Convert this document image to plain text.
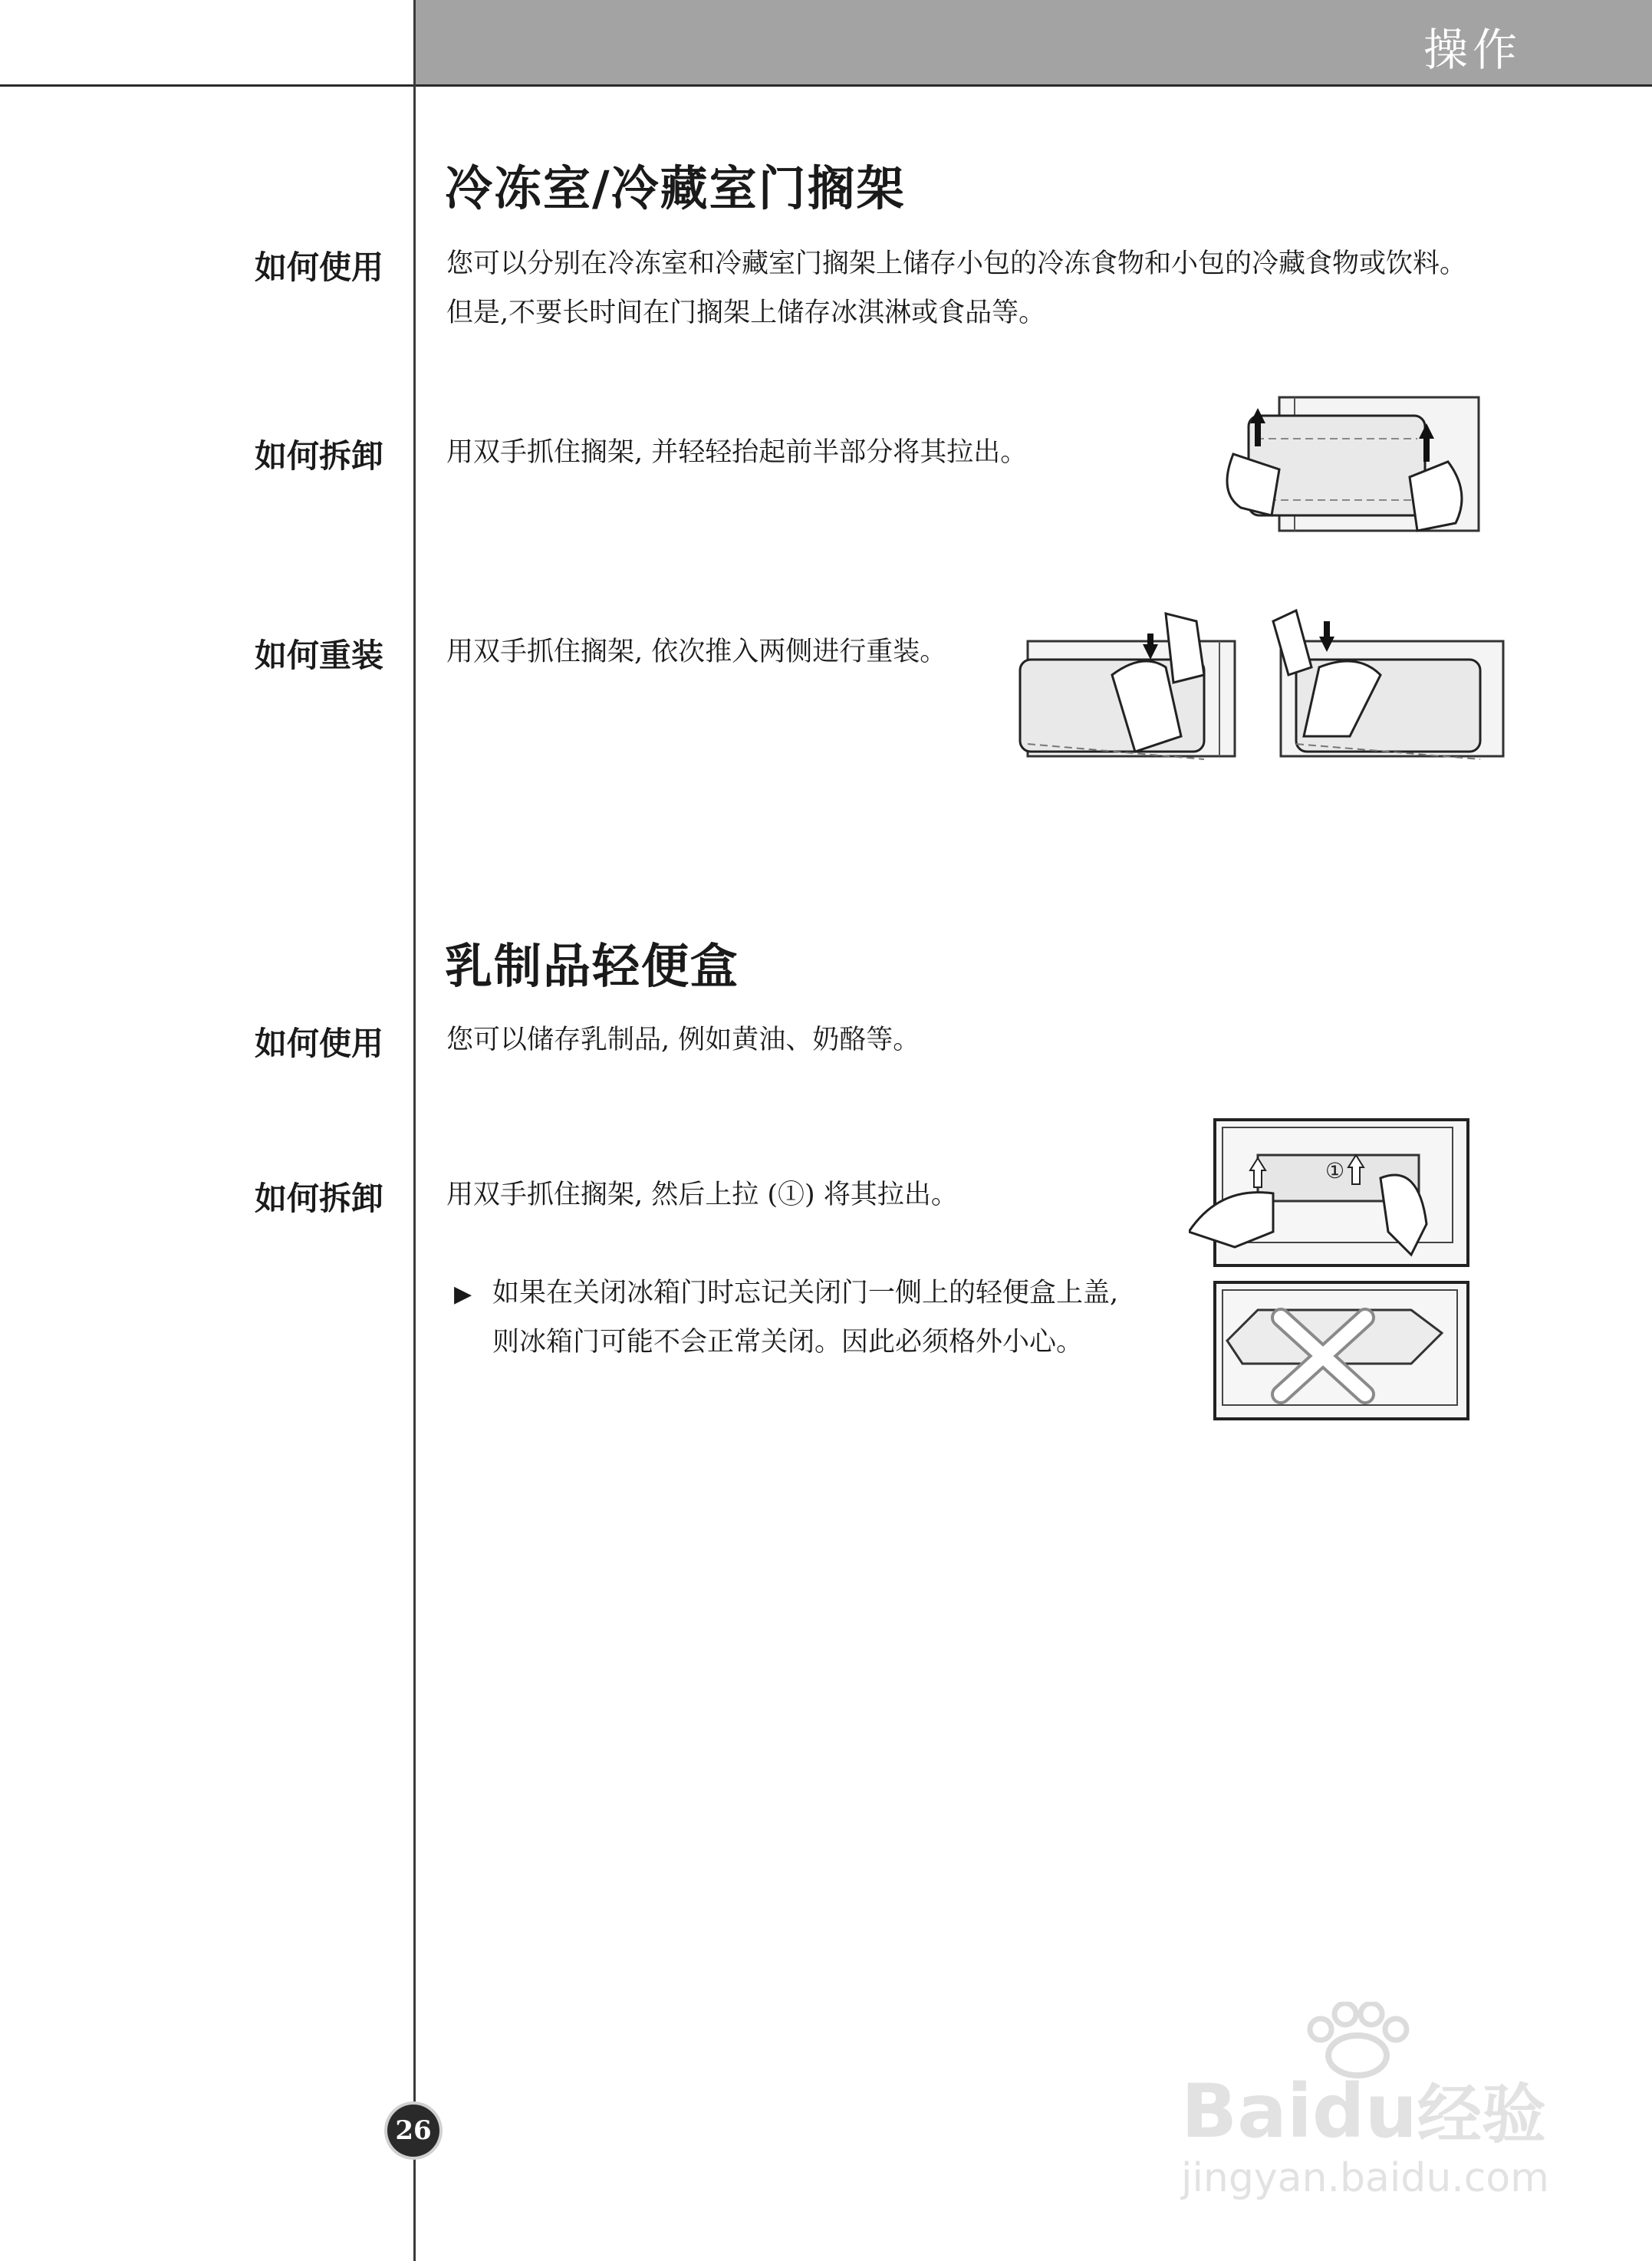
操作
冷冻室/冷藏室门搁架
如何使用 您可以分别在冷冻室和冷藏室门搁架上储存小包的冷冻食物和小包的冷藏食物或饮料。
但是,不要长时间在门搁架上储存冰淇淋或食品等。
如何拆卸 用双手抓住搁架, 并轻轻抬起前半部分将其拉出。
如何重装 用双手抓住搁架, 依次推入两侧进行重装。
乳制品轻便盒
如何使用 您可以储存乳制品, 例如黄油、奶酪等。
如何拆卸 用双手抓住搁架, 然后上拉 (①) 将其拉出。
▶ 如果在关闭冰箱门时忘记关闭门一侧上的轻便盒上盖,
则冰箱门可能不会正常关闭。因此必须格外小心。
①
26	Baidu经验
jingyan.baidu.com
